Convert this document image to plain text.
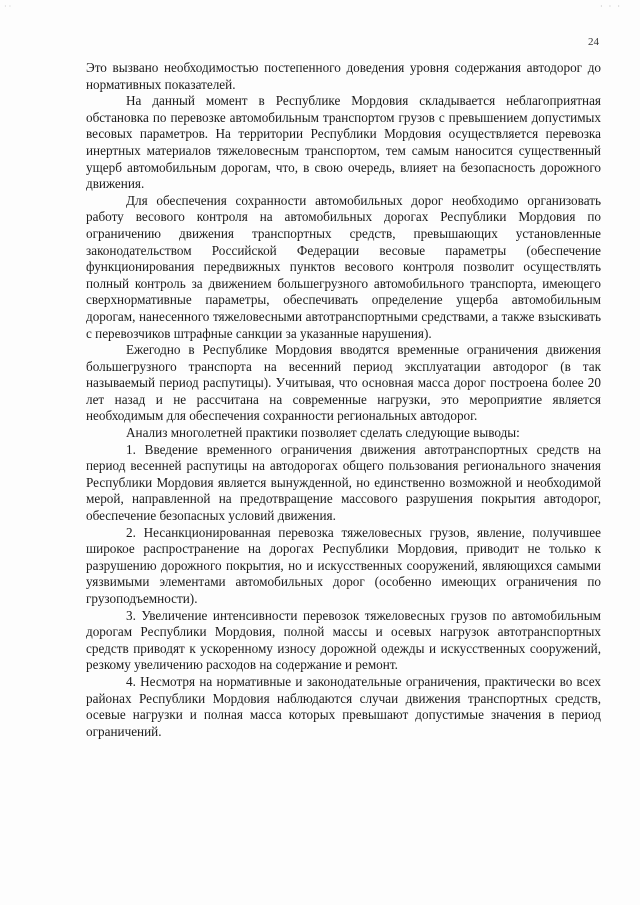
· ·	· · ·
24

Это вызвано необходимостью постепенного доведения уровня содержания автодорог до нормативных показателей.

На данный момент в Республике Мордовия складывается неблагоприятная обстановка по перевозке автомобильным транспортом грузов с превышением допустимых весовых параметров. На территории Республики Мордовия осуществляется перевозка инертных материалов тяжеловесным транспортом, тем самым наносится существенный ущерб автомобильным дорогам, что, в свою очередь, влияет на безопасность дорожного движения.

Для обеспечения сохранности автомобильных дорог необходимо организовать работу весового контроля на автомобильных дорогах Республики Мордовия по ограничению движения транспортных средств, превышающих установленные законодательством Российской Федерации весовые параметры (обеспечение функционирования передвижных пунктов весового контроля позволит осуществлять полный контроль за движением большегрузного автомобильного транспорта, имеющего сверхнормативные параметры, обеспечивать определение ущерба автомобильным дорогам, нанесенного тяжеловесными автотранспортными средствами, а также взыскивать с перевозчиков штрафные санкции за указанные нарушения).

Ежегодно в Республике Мордовия вводятся временные ограничения движения большегрузного транспорта на весенний период эксплуатации автодорог (в так называемый период распутицы). Учитывая, что основная масса дорог построена более 20 лет назад и не рассчитана на современные нагрузки, это мероприятие является необходимым для обеспечения сохранности региональных автодорог.

Анализ многолетней практики позволяет сделать следующие выводы:

1. Введение временного ограничения движения автотранспортных средств на период весенней распутицы на автодорогах общего пользования регионального значения Республики Мордовия является вынужденной, но единственно возможной и необходимой мерой, направленной на предотвращение массового разрушения покрытия автодорог, обеспечение безопасных условий движения.

2. Несанкционированная перевозка тяжеловесных грузов, явление, получившее широкое распространение на дорогах Республики Мордовия, приводит не только к разрушению дорожного покрытия, но и искусственных сооружений, являющихся самыми уязвимыми элементами автомобильных дорог (особенно имеющих ограничения по грузоподъемности).

3. Увеличение интенсивности перевозок тяжеловесных грузов по автомобильным дорогам Республики Мордовия, полной массы и осевых нагрузок автотранспортных средств приводят к ускоренному износу дорожной одежды и искусственных сооружений, резкому увеличению расходов на содержание и ремонт.

4. Несмотря на нормативные и законодательные ограничения, практически во всех районах Республики Мордовия наблюдаются случаи движения транспортных средств, осевые нагрузки и полная масса которых превышают допустимые значения в период ограничений.
